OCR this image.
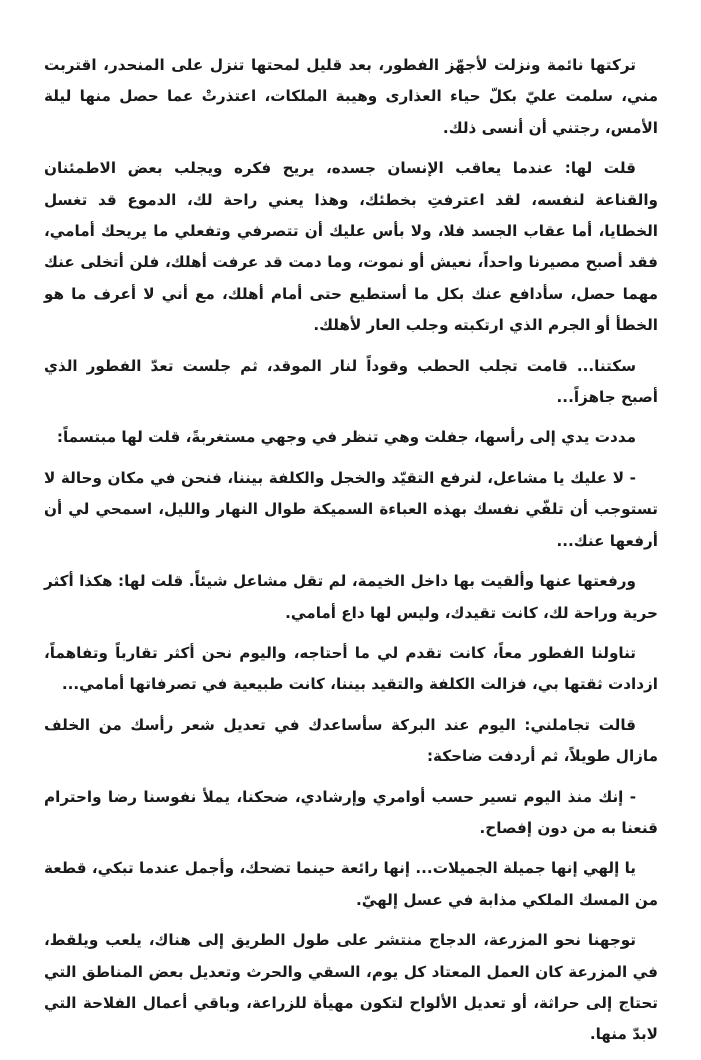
تركتها نائمة ونزلت لأجهّز الفطور، بعد قليل لمحتها تنزل على المنحدر، اقتربت مني، سلمت عليّ بكلّ حياء العذارى وهيبة الملكات، اعتذرتْ عما حصل منها ليلة الأمس، رجتني أن أنسى ذلك.

قلت لها: عندما يعاقب الإنسان جسده، يريح فكره ويجلب بعض الاطمئنان والقناعة لنفسه، لقد اعترفتِ بخطئك، وهذا يعني راحة لك، الدموع قد تغسل الخطايا، أما عقاب الجسد فلا، ولا بأس عليك أن تتصرفي وتفعلي ما يريحك أمامي، فقد أصبح مصيرنا واحداً، نعيش أو نموت، وما دمت قد عرفت أهلك، فلن أتخلى عنك مهما حصل، سأدافع عنك بكل ما أستطيع حتى أمام أهلك، مع أني لا أعرف ما هو الخطأ أو الجرم الذي ارتكبته وجلب العار لأهلك.

سكتنا... قامت تجلب الحطب وقوداً لنار الموقد، ثم جلست تعدّ الفطور الذي أصبح جاهزاً...

مددت يدي إلى رأسها، جفلت وهي تنظر في وجهي مستغربةً، قلت لها مبتسماً:

- لا عليك يا مشاعل، لنرفع التقيّد والخجل والكلفة بيننا، فنحن في مكان وحالة لا تستوجب أن تلفّي نفسك بهذه العباءة السميكة طوال النهار والليل، اسمحي لي أن أرفعها عنك...

ورفعتها عنها وألقيت بها داخل الخيمة، لم تقل مشاعل شيئاً. قلت لها: هكذا أكثر حرية وراحة لك، كانت تقيدك، وليس لها داع أمامي.

تناولنا الفطور معاً، كانت تقدم لي ما أحتاجه، واليوم نحن أكثر تقارباً وتفاهماً، ازدادت ثقتها بي، فزالت الكلفة والتقيد بيننا، كانت طبيعية في تصرفاتها أمامي...

قالت تجاملني: اليوم عند البركة سأساعدك في تعديل شعر رأسك من الخلف مازال طويلاً، ثم أردفت ضاحكة:

- إنك منذ اليوم تسير حسب أوامري وإرشادي، ضحكنا، يملأ نفوسنا رضا واحترام قنعنا به من دون إفصاح.

يا إلهي إنها جميلة الجميلات... إنها رائعة حينما تضحك، وأجمل عندما تبكي، قطعة من المسك الملكي مذابة في عسل إلهيّ.

توجهنا نحو المزرعة، الدجاج منتشر على طول الطريق إلى هناك، يلعب ويلقط، في المزرعة كان العمل المعتاد كل يوم، السقي والحرث وتعديل بعض المناطق التي تحتاج إلى حراثة، أو تعديل الألواح لتكون مهيأة للزراعة، وباقي أعمال الفلاحة التي لابدّ منها.
